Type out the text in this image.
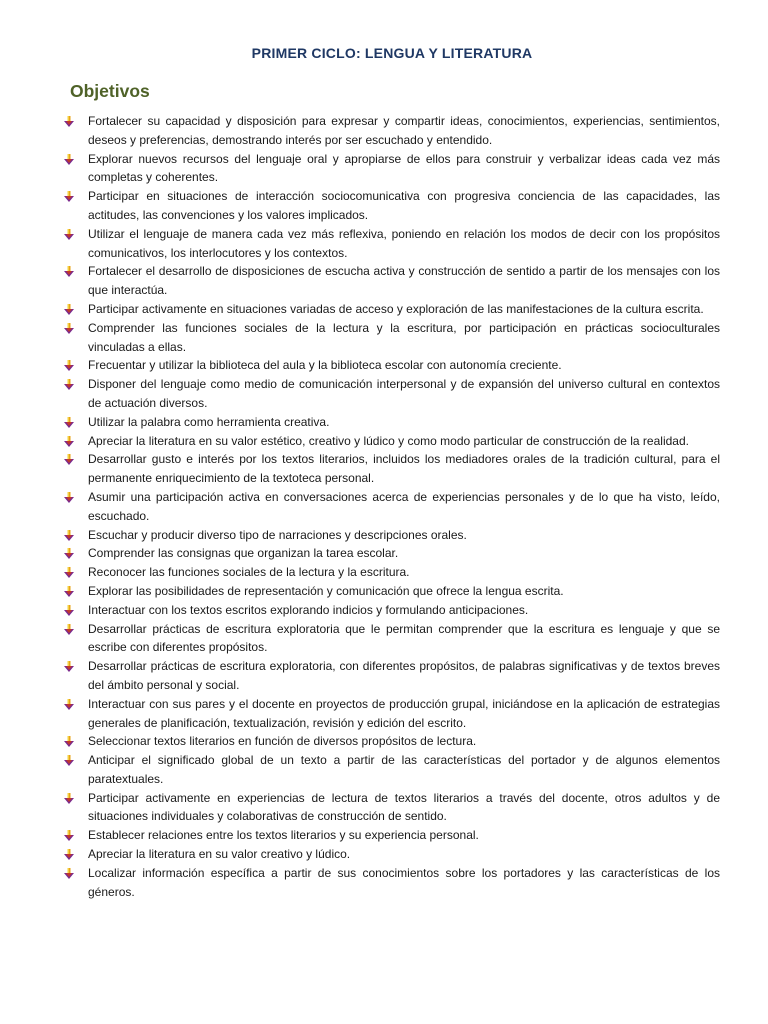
PRIMER CICLO: LENGUA Y LITERATURA
Objetivos
Fortalecer su capacidad y disposición para expresar y compartir ideas, conocimientos, experiencias, sentimientos, deseos y preferencias, demostrando interés por ser escuchado y entendido.
Explorar nuevos recursos del lenguaje oral y apropiarse de ellos para construir y verbalizar ideas cada vez más completas y coherentes.
Participar en situaciones de interacción sociocomunicativa con progresiva conciencia de las capacidades, las actitudes, las convenciones y los valores implicados.
Utilizar el lenguaje de manera cada vez más reflexiva, poniendo en relación los modos de decir con los propósitos comunicativos, los interlocutores y los contextos.
Fortalecer el desarrollo de disposiciones de escucha activa y construcción de sentido a partir de los mensajes con los que interactúa.
Participar activamente en situaciones variadas de acceso y exploración de las manifestaciones de la cultura escrita.
Comprender las funciones sociales de la lectura y la escritura, por participación en prácticas socioculturales vinculadas a ellas.
Frecuentar y utilizar la biblioteca del aula y la biblioteca escolar con autonomía creciente.
Disponer del lenguaje como medio de comunicación interpersonal y de expansión del universo cultural en contextos de actuación diversos.
Utilizar la palabra como herramienta creativa.
Apreciar la literatura en su valor estético, creativo y lúdico y como modo particular de construcción de la realidad.
Desarrollar gusto e interés por los textos literarios, incluidos los mediadores orales de la tradición cultural, para el permanente enriquecimiento de la textoteca personal.
Asumir una participación activa en conversaciones acerca de experiencias personales y de lo que ha visto, leído, escuchado.
Escuchar y producir diverso tipo de narraciones y descripciones orales.
Comprender las consignas que organizan la tarea escolar.
Reconocer las funciones sociales de la lectura y la escritura.
Explorar las posibilidades de representación y comunicación que ofrece la lengua escrita.
Interactuar con los textos escritos explorando indicios y formulando anticipaciones.
Desarrollar prácticas de escritura exploratoria que le permitan comprender que la escritura es lenguaje y que se escribe con diferentes propósitos.
Desarrollar prácticas de escritura exploratoria, con diferentes propósitos, de palabras significativas y de textos breves del ámbito personal y social.
Interactuar con sus pares y el docente en proyectos de producción grupal, iniciándose en la aplicación de estrategias generales de planificación, textualización, revisión y edición del escrito.
Seleccionar textos literarios en función de diversos propósitos de lectura.
Anticipar el significado global de un texto a partir de las características del portador y de algunos elementos paratextuales.
Participar activamente en experiencias de lectura de textos literarios a través del docente, otros adultos y de situaciones individuales y colaborativas de construcción de sentido.
Establecer relaciones entre los textos literarios y su experiencia personal.
Apreciar la literatura en su valor creativo y lúdico.
Localizar información específica a partir de sus conocimientos sobre los portadores y las características de los géneros.
